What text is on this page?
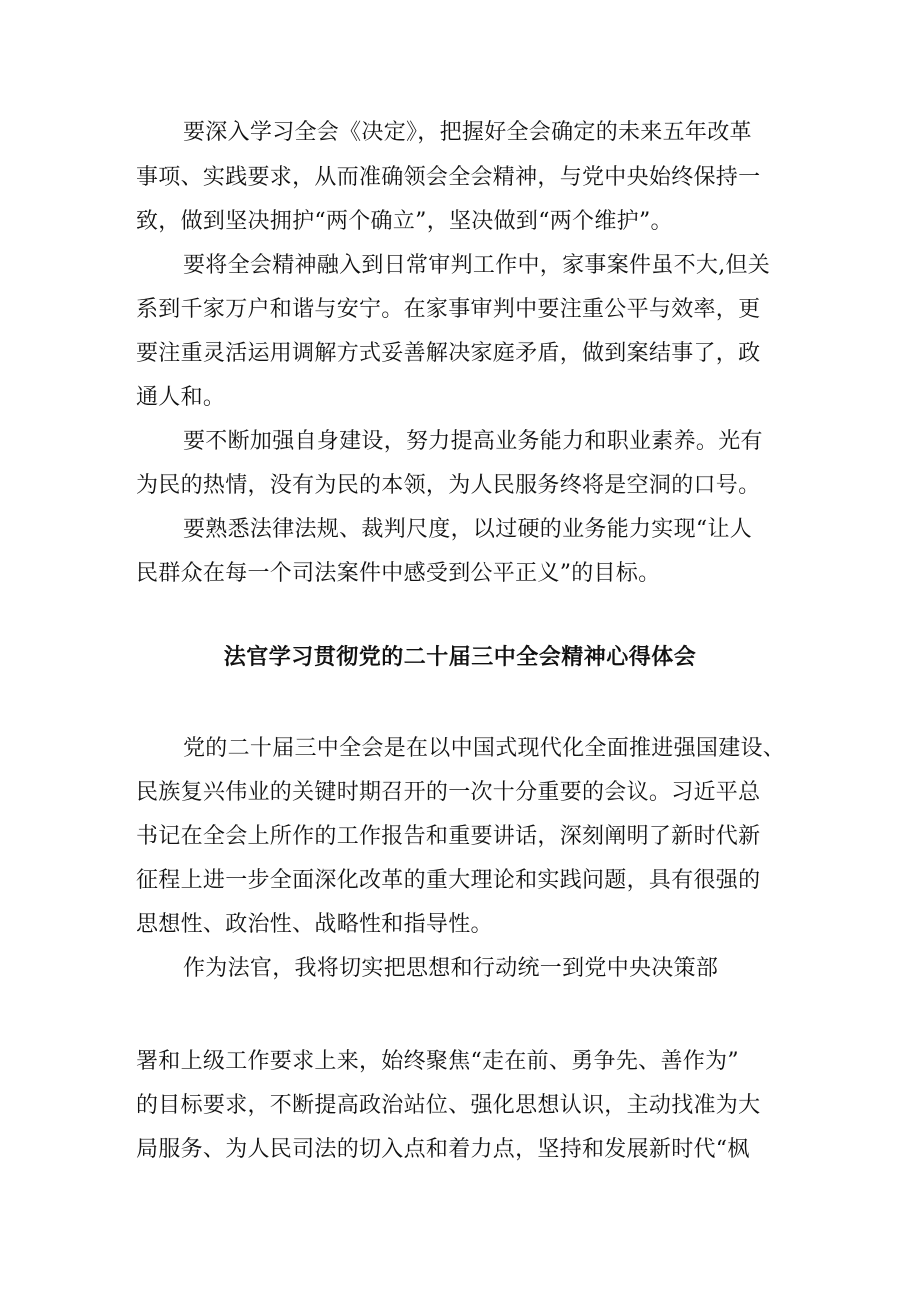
要深入学习全会《决定》，把握好全会确定的未来五年改革
事项、实践要求，从而准确领会全会精神，与党中央始终保持一
致，做到坚决拥护“两个确立”，坚决做到“两个维护”。
要将全会精神融入到日常审判工作中，家事案件虽不大,但关
系到千家万户和谐与安宁。在家事审判中要注重公平与效率，更
要注重灵活运用调解方式妥善解决家庭矛盾，做到案结事了，政
通人和。
要不断加强自身建设，努力提高业务能力和职业素养。光有
为民的热情，没有为民的本领，为人民服务终将是空洞的口号。
要熟悉法律法规、裁判尺度，以过硬的业务能力实现“让人
民群众在每一个司法案件中感受到公平正义”的目标。
法官学习贯彻党的二十届三中全会精神心得体会
党的二十届三中全会是在以中国式现代化全面推进强国建设、
民族复兴伟业的关键时期召开的一次十分重要的会议。习近平总
书记在全会上所作的工作报告和重要讲话，深刻阐明了新时代新
征程上进一步全面深化改革的重大理论和实践问题，具有很强的
思想性、政治性、战略性和指导性。
作为法官，我将切实把思想和行动统一到党中央决策部
署和上级工作要求上来，始终聚焦“走在前、勇争先、善作为”
的目标要求，不断提高政治站位、强化思想认识，主动找准为大
局服务、为人民司法的切入点和着力点，坚持和发展新时代“枫
